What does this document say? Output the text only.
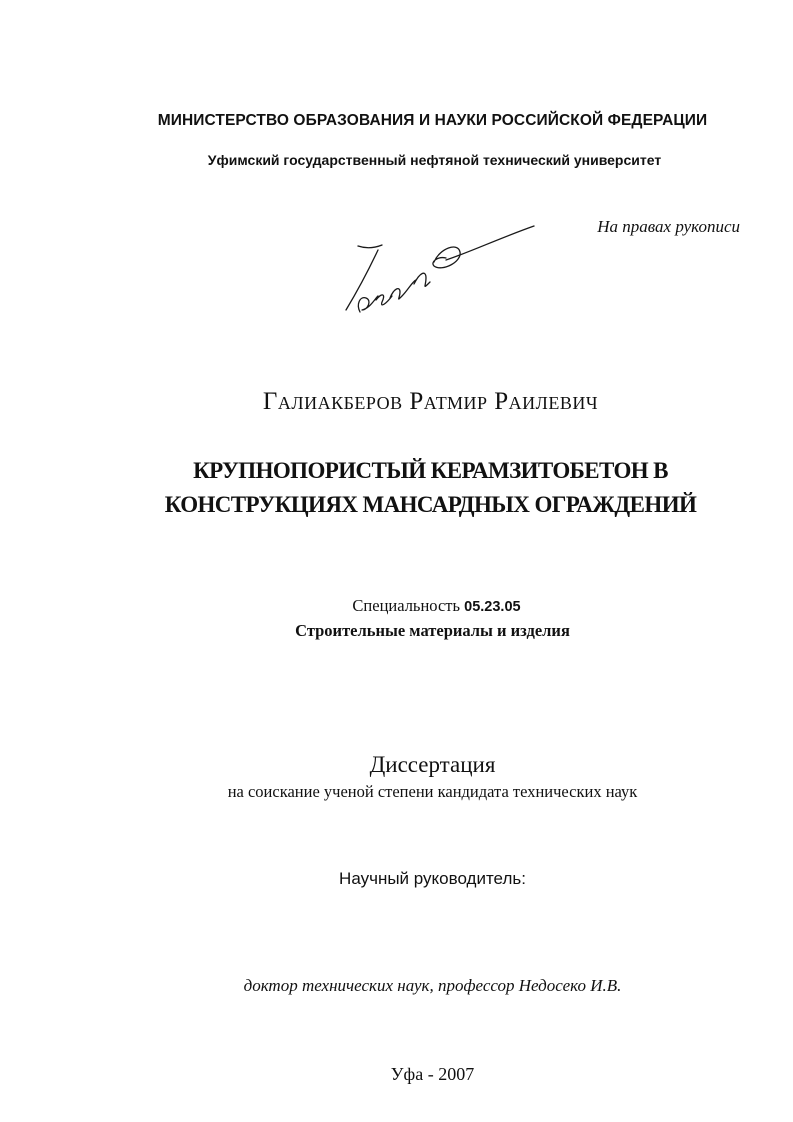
МИНИСТЕРСТВО ОБРАЗОВАНИЯ И НАУКИ РОССИЙСКОЙ ФЕДЕРАЦИИ
Уфимский государственный нефтяной технический университет
На правах рукописи
Галиакберов Ратмир Раилевич
КРУПНОПОРИСТЫЙ КЕРАМЗИТОБЕТОН В
КОНСТРУКЦИЯХ МАНСАРДНЫХ ОГРАЖДЕНИЙ
Специальность 05.23.05
Строительные материалы и изделия
Диссертация
на соискание ученой степени кандидата технических наук
Научный руководитель:
доктор технических наук, профессор Недосеко И.В.
Уфа - 2007
